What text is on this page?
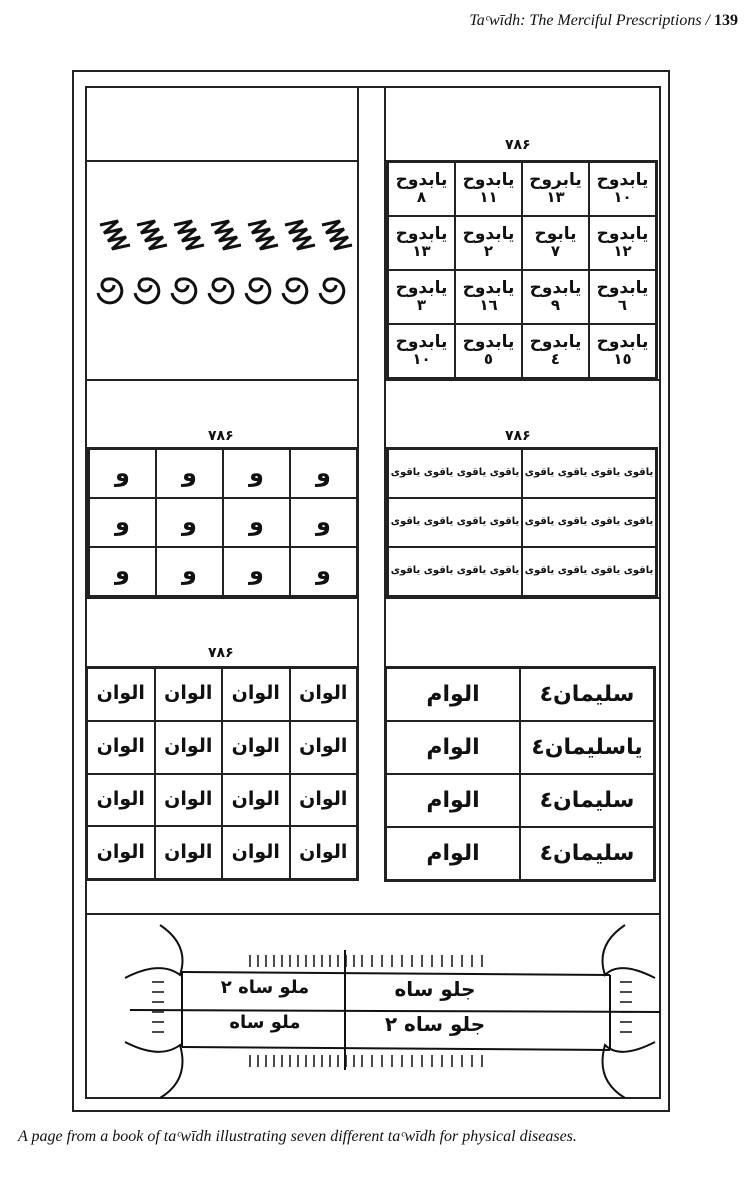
Taᶜwīdh: The Merciful Prescriptions / 139
۷۸۶
يابدوح
١٠
يابروح
١٣
يابدوح
١١
يابدوح
٨
يابدوح
١٢
يابوح
٧
يابدوح
٢
يابدوح
١٣
يابدوح
٦
يابدوح
٩
يابدوح
١٦
يابدوح
٣
يابدوح
١٥
يابدوح
٤
يابدوح
٥
يابدوح
١٠
۷۸۶
و
و
و
و
و
و
و
و
و
و
و
و
۷۸۶
ياقوی ياقوی ياقوی ياقوی
ياقوی ياقوی ياقوی ياقوی
ياقوی ياقوی ياقوی ياقوی
ياقوی ياقوی ياقوی ياقوی
ياقوی ياقوی ياقوی ياقوی
ياقوی ياقوی ياقوی ياقوی
۷۸۶
الوان
الوان
الوان
الوان
الوان
الوان
الوان
الوان
الوان
الوان
الوان
الوان
الوان
الوان
الوان
الوان
سليمان٤
الوام
ياسليمان٤
الوام
سليمان٤
الوام
سليمان٤
الوام
جلو ساه
ملو ساه ٢
جلو ساه ٢
ملو ساه
A page from a book of taᶜwīdh illustrating seven different taᶜwīdh for physical diseases.
